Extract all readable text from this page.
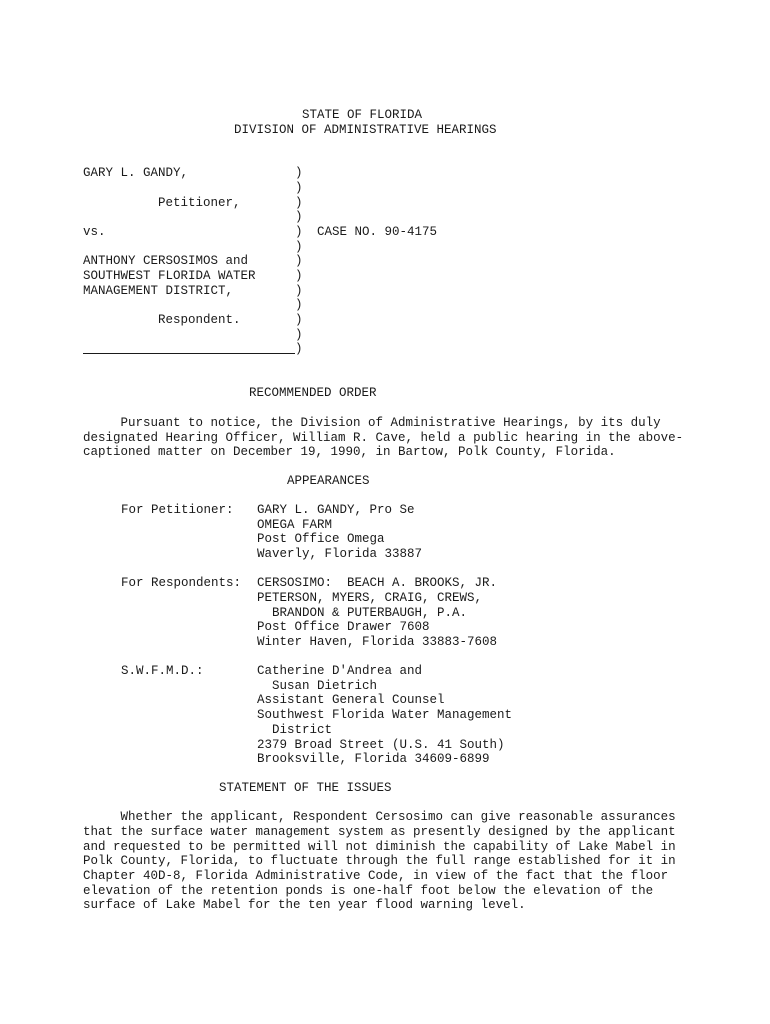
STATE OF FLORIDA
DIVISION OF ADMINISTRATIVE HEARINGS
GARY L. GANDY,
Petitioner,
vs.	CASE NO. 90-4175
ANTHONY CERSOSIMOS and
SOUTHWEST FLORIDA WATER
MANAGEMENT DISTRICT,
Respondent.
)
)
)
)
)
)
)
)
)
)
)
)
)
RECOMMENDED ORDER
Pursuant to notice, the Division of Administrative Hearings, by its duly
designated Hearing Officer, William R. Cave, held a public hearing in the above-
captioned matter on December 19, 1990, in Bartow, Polk County, Florida.
APPEARANCES
For Petitioner: GARY L. GANDY, Pro Se
OMEGA FARM
Post Office Omega
Waverly, Florida 33887
For Respondents: CERSOSIMO:  BEACH A. BROOKS, JR.
PETERSON, MYERS, CRAIG, CREWS,
BRANDON & PUTERBAUGH, P.A.
Post Office Drawer 7608
Winter Haven, Florida 33883-7608
S.W.F.M.D.:	Catherine D'Andrea and
Susan Dietrich
Assistant General Counsel
Southwest Florida Water Management
District
2379 Broad Street (U.S. 41 South)
Brooksville, Florida 34609-6899
STATEMENT OF THE ISSUES
Whether the applicant, Respondent Cersosimo can give reasonable assurances
that the surface water management system as presently designed by the applicant
and requested to be permitted will not diminish the capability of Lake Mabel in
Polk County, Florida, to fluctuate through the full range established for it in
Chapter 40D-8, Florida Administrative Code, in view of the fact that the floor
elevation of the retention ponds is one-half foot below the elevation of the
surface of Lake Mabel for the ten year flood warning level.
